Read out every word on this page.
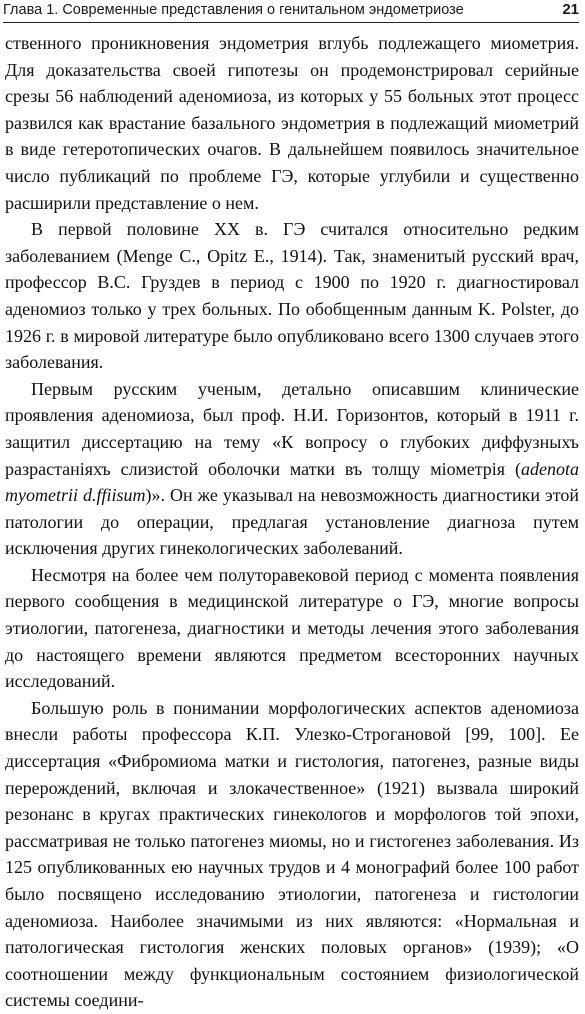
Глава 1. Современные представления о генитальном эндометриозе	21

ственного проникновения эндометрия вглубь подлежащего миометрия. Для доказательства своей гипотезы он продемонстрировал серийные срезы 56 наблюдений аденомиоза, из которых у 55 больных этот процесс развился как врастание базального эндометрия в подлежащий миометрий в виде гетеротопических очагов. В дальнейшем появилось значительное число публикаций по проблеме ГЭ, которые углубили и существенно расширили представление о нем.

В первой половине XX в. ГЭ считался относительно редким заболеванием (Menge C., Opitz E., 1914). Так, знаменитый русский врач, профессор В.С. Груздев в период с 1900 по 1920 г. диагностировал аденомиоз только у трех больных. По обобщенным данным K. Polster, до 1926 г. в мировой литературе было опубликовано всего 1300 случаев этого заболевания.

Первым русским ученым, детально описавшим клинические проявления аденомиоза, был проф. Н.И. Горизонтов, который в 1911 г. защитил диссертацию на тему «К вопросу о глубоких диффузныхъ разрастанiяхъ слизистой оболочки матки въ толщу мiометрiя (adenota myometrii d.ffiisum)». Он же указывал на невозможность диагностики этой патологии до операции, предлагая установление диагноза путем исключения других гинекологических заболеваний.

Несмотря на более чем полуторавековой период с момента появления первого сообщения в медицинской литературе о ГЭ, многие вопросы этиологии, патогенеза, диагностики и методы лечения этого заболевания до настоящего времени являются предметом всесторонних научных исследований.

Большую роль в понимании морфологических аспектов аденомиоза внесли работы профессора К.П. Улезко-Строгановой [99, 100]. Ее диссертация «Фибромиома матки и гистология, патогенез, разные виды перерождений, включая и злокачественное» (1921) вызвала широкий резонанс в кругах практических гинекологов и морфологов той эпохи, рассматривая не только патогенез миомы, но и гистогенез заболевания. Из 125 опубликованных ею научных трудов и 4 монографий более 100 работ было посвящено исследованию этиологии, патогенеза и гистологии аденомиоза. Наиболее значимыми из них являются: «Нормальная и патологическая гистология женских половых органов» (1939); «О соотношении между функциональным состоянием физиологической системы соедини-
